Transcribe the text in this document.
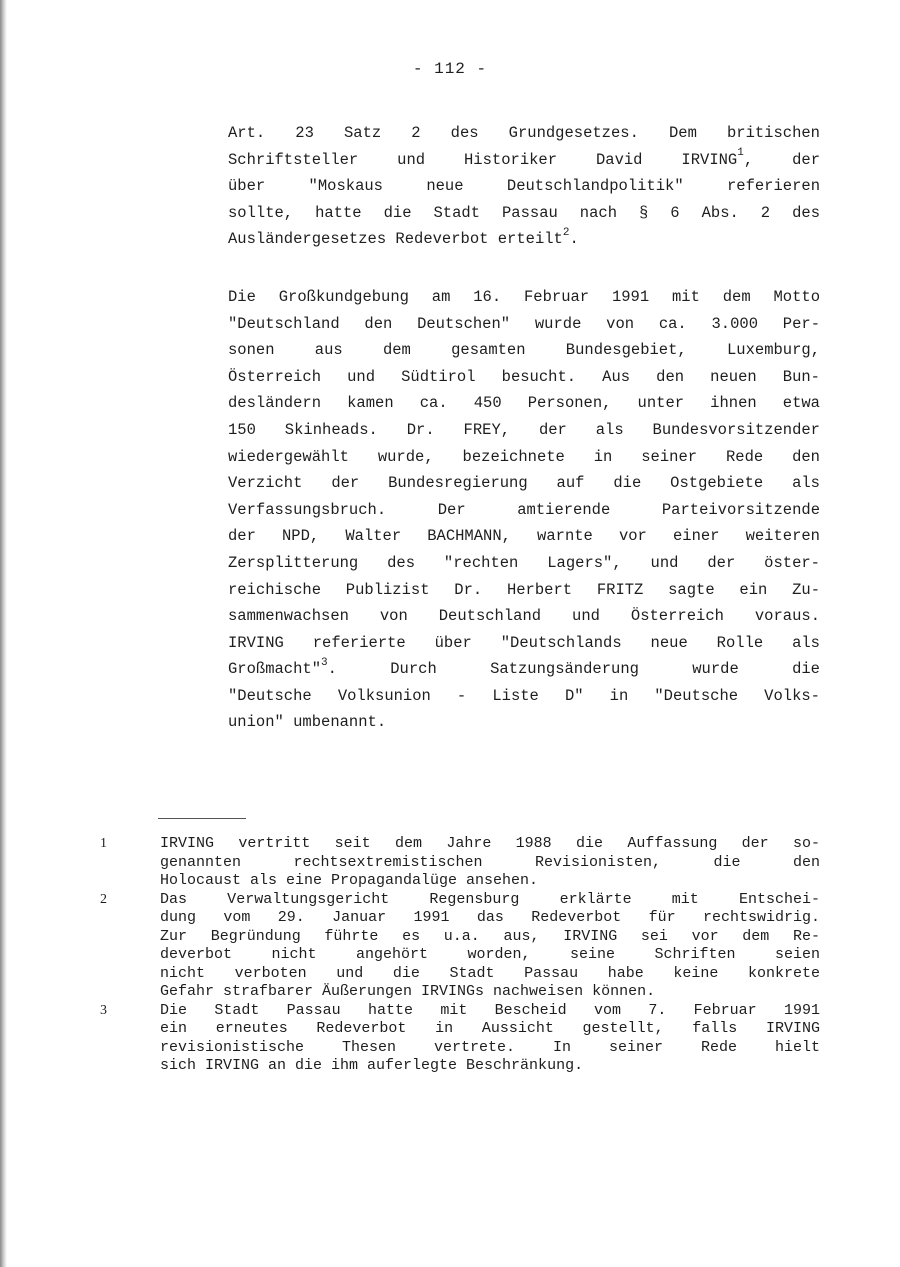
- 112 -
Art. 23 Satz 2 des Grundgesetzes. Dem britischen
Schriftsteller und Historiker David IRVING$^1$, der
über "Moskaus neue Deutschlandpolitik" referieren
sollte, hatte die Stadt Passau nach § 6 Abs. 2 des
Ausländergesetzes Redeverbot erteilt$^2$.
Die Großkundgebung am 16. Februar 1991 mit dem Motto
"Deutschland den Deutschen" wurde von ca. 3.000 Per-
sonen aus dem gesamten Bundesgebiet, Luxemburg,
Österreich und Südtirol besucht. Aus den neuen Bun-
desländern kamen ca. 450 Personen, unter ihnen etwa
150 Skinheads. Dr. FREY, der als Bundesvorsitzender
wiedergewählt wurde, bezeichnete in seiner Rede den
Verzicht der Bundesregierung auf die Ostgebiete als
Verfassungsbruch. Der amtierende Parteivorsitzende
der NPD, Walter BACHMANN, warnte vor einer weiteren
Zersplitterung des "rechten Lagers", und der öster-
reichische Publizist Dr. Herbert FRITZ sagte ein Zu-
sammenwachsen von Deutschland und Österreich voraus.
IRVING referierte über "Deutschlands neue Rolle als
Großmacht"$^3$. Durch Satzungsänderung wurde die
"Deutsche Volksunion - Liste D" in "Deutsche Volks-
union" umbenannt.
1	IRVING vertritt seit dem Jahre 1988 die Auffassung der so-
genannten rechtsextremistischen Revisionisten, die den
Holocaust als eine Propagandalüge ansehen.
2	Das Verwaltungsgericht Regensburg erklärte mit Entschei-
dung vom 29. Januar 1991 das Redeverbot für rechtswidrig.
Zur Begründung führte es u.a. aus, IRVING sei vor dem Re-
deverbot nicht angehört worden, seine Schriften seien
nicht verboten und die Stadt Passau habe keine konkrete
Gefahr strafbarer Äußerungen IRVINGs nachweisen können.
3	Die Stadt Passau hatte mit Bescheid vom 7. Februar 1991
ein erneutes Redeverbot in Aussicht gestellt, falls IRVING
revisionistische Thesen vertrete. In seiner Rede hielt
sich IRVING an die ihm auferlegte Beschränkung.
